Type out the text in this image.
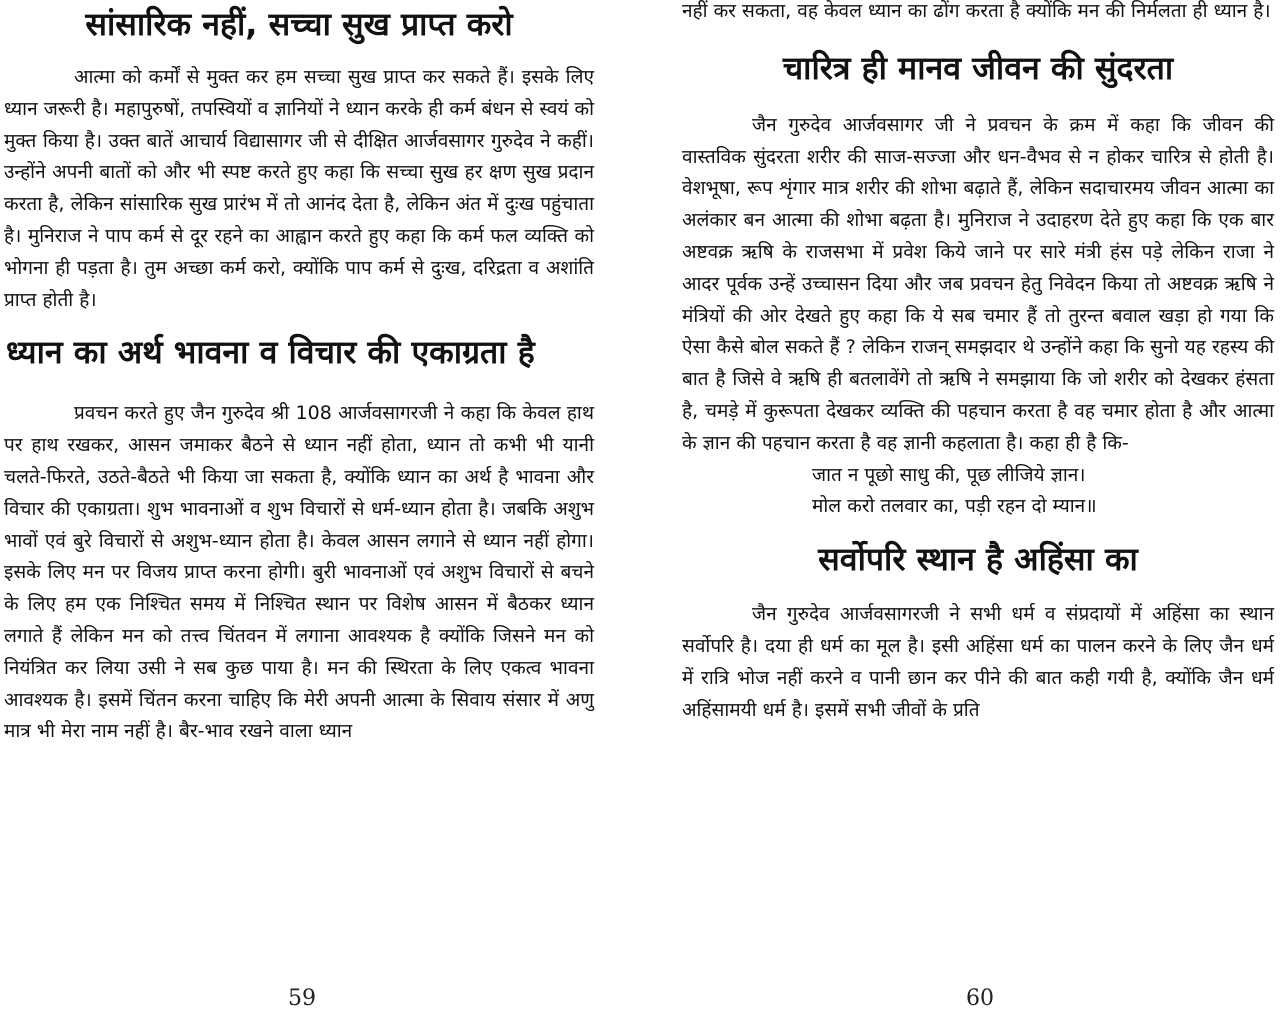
सांसारिक नहीं, सच्चा सुख प्राप्त करो

आत्मा को कर्मों से मुक्त कर हम सच्चा सुख प्राप्त कर सकते हैं। इसके लिए ध्यान जरूरी है। महापुरुषों, तपस्वियों व ज्ञानियों ने ध्यान करके ही कर्म बंधन से स्वयं को मुक्त किया है। उक्त बातें आचार्य विद्यासागर जी से दीक्षित आर्जवसागर गुरुदेव ने कहीं। उन्होंने अपनी बातों को और भी स्पष्ट करते हुए कहा कि सच्चा सुख हर क्षण सुख प्रदान करता है, लेकिन सांसारिक सुख प्रारंभ में तो आनंद देता है, लेकिन अंत में दुःख पहुंचाता है। मुनिराज ने पाप कर्म से दूर रहने का आह्वान करते हुए कहा कि कर्म फल व्यक्ति को भोगना ही पड़ता है। तुम अच्छा कर्म करो, क्योंकि पाप कर्म से दुःख, दरिद्रता व अशांति प्राप्त होती है।

ध्यान का अर्थ भावना व विचार की एकाग्रता है

प्रवचन करते हुए जैन गुरुदेव श्री 108 आर्जवसागरजी ने कहा कि केवल हाथ पर हाथ रखकर, आसन जमाकर बैठने से ध्यान नहीं होता, ध्यान तो कभी भी यानी चलते-फिरते, उठते-बैठते भी किया जा सकता है, क्योंकि ध्यान का अर्थ है भावना और विचार की एकाग्रता। शुभ भावनाओं व शुभ विचारों से धर्म-ध्यान होता है। जबकि अशुभ भावों एवं बुरे विचारों से अशुभ-ध्यान होता है। केवल आसन लगाने से ध्यान नहीं होगा। इसके लिए मन पर विजय प्राप्त करना होगी। बुरी भावनाओं एवं अशुभ विचारों से बचने के लिए हम एक निश्चित समय में निश्चित स्थान पर विशेष आसन में बैठकर ध्यान लगाते हैं लेकिन मन को तत्त्व चिंतवन में लगाना आवश्यक है क्योंकि जिसने मन को नियंत्रित कर लिया उसी ने सब कुछ पाया है। मन की स्थिरता के लिए एकत्व भावना आवश्यक है। इसमें चिंतन करना चाहिए कि मेरी अपनी आत्मा के सिवाय संसार में अणु मात्र भी मेरा नाम नहीं है। बैर-भाव रखने वाला ध्यान

नहीं कर सकता, वह केवल ध्यान का ढोंग करता है क्योंकि मन की निर्मलता ही ध्यान है।

चारित्र ही मानव जीवन की सुंदरता

जैन गुरुदेव आर्जवसागर जी ने प्रवचन के क्रम में कहा कि जीवन की वास्तविक सुंदरता शरीर की साज-सज्जा और धन-वैभव से न होकर चारित्र से होती है। वेशभूषा, रूप शृंगार मात्र शरीर की शोभा बढ़ाते हैं, लेकिन सदाचारमय जीवन आत्मा का अलंकार बन आत्मा की शोभा बढ़ता है। मुनिराज ने उदाहरण देते हुए कहा कि एक बार अष्टवक्र ऋषि के राजसभा में प्रवेश किये जाने पर सारे मंत्री हंस पड़े लेकिन राजा ने आदर पूर्वक उन्हें उच्चासन दिया और जब प्रवचन हेतु निवेदन किया तो अष्टवक्र ऋषि ने मंत्रियों की ओर देखते हुए कहा कि ये सब चमार हैं तो तुरन्त बवाल खड़ा हो गया कि ऐसा कैसे बोल सकते हैं ? लेकिन राजन् समझदार थे उन्होंने कहा कि सुनो यह रहस्य की बात है जिसे वे ऋषि ही बतलावेंगे तो ऋषि ने समझाया कि जो शरीर को देखकर हंसता है, चमड़े में कुरूपता देखकर व्यक्ति की पहचान करता है वह चमार होता है और आत्मा के ज्ञान की पहचान करता है वह ज्ञानी कहलाता है। कहा ही है कि-

जात न पूछो साधु की, पूछ लीजिये ज्ञान।

मोल करो तलवार का, पड़ी रहन दो म्यान॥

सर्वोपरि स्थान है अहिंसा का

जैन गुरुदेव आर्जवसागरजी ने सभी धर्म व संप्रदायों में अहिंसा का स्थान सर्वोपरि है। दया ही धर्म का मूल है। इसी अहिंसा धर्म का पालन करने के लिए जैन धर्म में रात्रि भोज नहीं करने व पानी छान कर पीने की बात कही गयी है, क्योंकि जैन धर्म अहिंसामयी धर्म है। इसमें सभी जीवों के प्रति

59	60
